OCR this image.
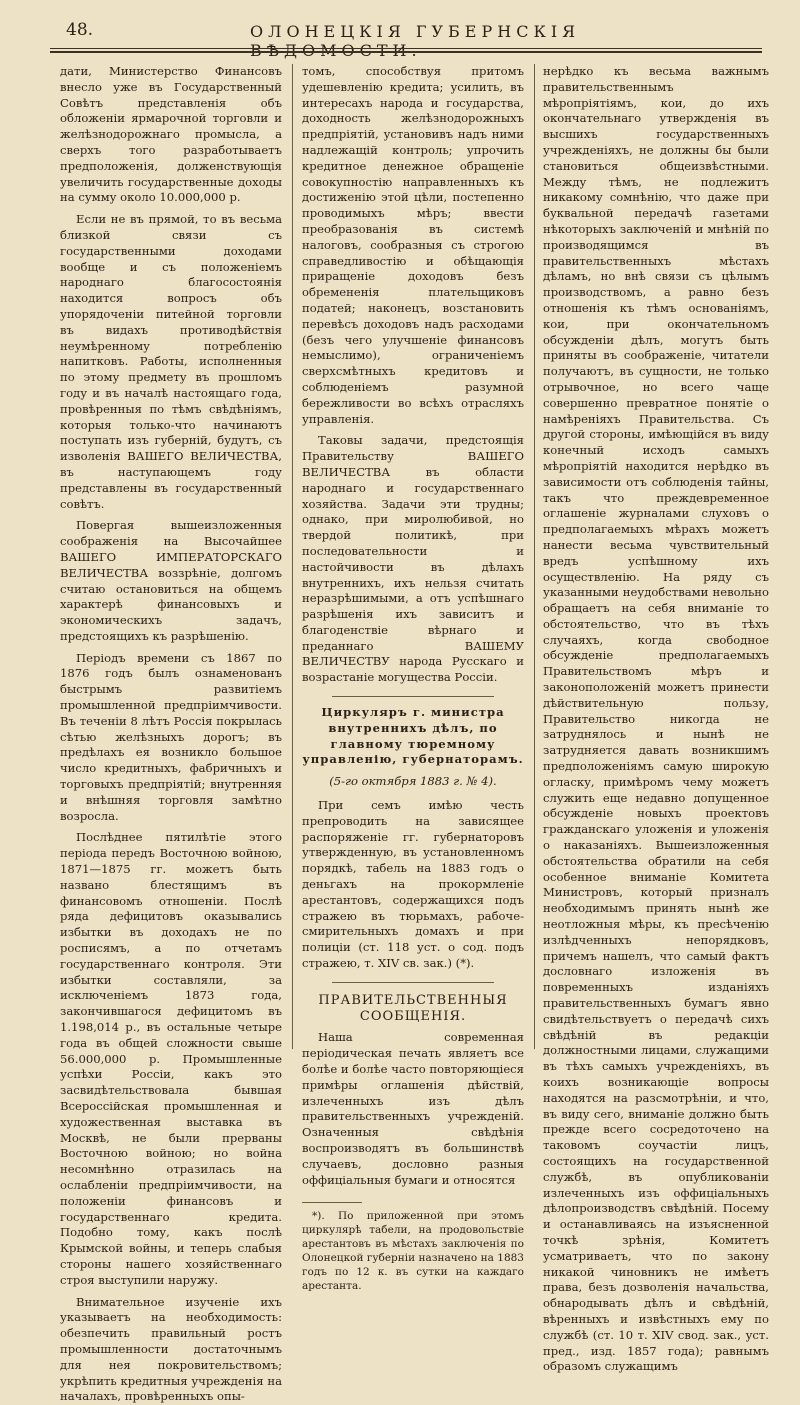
48.	ОЛОНЕЦКІЯ ГУБЕРНСКІЯ ВѢДОМОСТИ.

дати, Министерство Финансовъ внесло уже въ Государственный Совѣтъ представленія объ обложеніи ярмарочной торговли и желѣзнодорожнаго промысла, а сверхъ того разработываетъ предположенія, долженствующія увеличить государственные доходы на сумму около 10.000,000 р.

Если не въ прямой, то въ весьма близкой связи съ государственными доходами вообще и съ положеніемъ народнаго благосостоянія находится вопросъ объ упорядоченіи питейной торговли въ видахъ противодѣйствія неумѣренному потребленію напитковъ. Работы, исполненныя по этому предмету въ прошломъ году и въ началѣ настоящаго года, провѣренныя по тѣмъ свѣдѣніямъ, которыя только-что начинаютъ поступать изъ губерній, будутъ, съ изволенія ВАШЕГО ВЕЛИЧЕСТВА, въ наступающемъ году представлены въ государственный совѣтъ.

Повергая вышеизложенныя соображенія на Высочайшее ВАШЕГО ИМПЕРАТОРСКАГО ВЕЛИЧЕСТВА воззрѣніе, долгомъ считаю остановиться на общемъ характерѣ финансовыхъ и экономическихъ задачъ, предстоящихъ къ разрѣшенію.

Періодъ времени съ 1867 по 1876 годъ былъ ознаменованъ быстрымъ развитіемъ промышленной предпріимчивости. Въ теченіи 8 лѣтъ Россія покрылась сѣтью желѣзныхъ дорогъ; въ предѣлахъ ея возникло большое число кредитныхъ, фабричныхъ и торговыхъ предпріятій; внутренняя и внѣшняя торговля замѣтно возросла.

Послѣднее пятилѣтіе этого періода передъ Восточною войною, 1871—1875 гг. можетъ быть названо блестящимъ въ финансовомъ отношеніи. Послѣ ряда дефицитовъ оказывались избытки въ доходахъ не по росписямъ, а по отчетамъ государственнаго контроля. Эти избытки составляли, за исключеніемъ 1873 года, закончившагося дефицитомъ въ 1.198,014 р., въ остальные четыре года въ общей сложности свыше 56.000,000 р. Промышленные успѣхи Россіи, какъ это засвидѣтельствовала бывшая Всероссійская промышленная и художественная выставка въ Москвѣ, не были прерваны Восточною войною; но война несомнѣнно отразилась на ослабленіи предпріимчивости, на положеніи финансовъ и государственнаго кредита. Подобно тому, какъ послѣ Крымской войны, и теперь слабыя стороны нашего хозяйственнаго строя выступили наружу.

Внимательное изученіе ихъ указываетъ на необходимость: обезпечить правильный ростъ промышленности достаточнымъ для нея покровительствомъ; укрѣпить кредитныя учрежденія на началахъ, провѣренныхъ опы-

томъ, способствуя притомъ удешевленію кредита; усилить, въ интересахъ народа и государства, доходность желѣзнодорожныхъ предпріятій, установивъ надъ ними надлежащій контроль; упрочить кредитное денежное обращеніе совокупностію направленныхъ къ достиженію этой цѣли, постепенно проводимыхъ мѣръ; ввести преобразованія въ системѣ налоговъ, сообразныя съ строгою справедливостію и обѣщающія приращеніе доходовъ безъ обремененія плательщиковъ податей; наконецъ, возстановить перевѣсъ доходовъ надъ расходами (безъ чего улучшеніе финансовъ немыслимо), ограниченіемъ сверхсмѣтныхъ кредитовъ и соблюденіемъ разумной бережливости во всѣхъ отрасляхъ управленія.

Таковы задачи, предстоящія Правительству ВАШЕГО ВЕЛИЧЕСТВА въ области народнаго и государственнаго хозяйства. Задачи эти трудны; однако, при миролюбивой, но твердой политикѣ, при последовательности и настойчивости въ дѣлахъ внутреннихъ, ихъ нельзя считать неразрѣшимыми, а отъ успѣшнаго разрѣшенія ихъ зависитъ и благоденствіе вѣрнаго и преданнаго ВАШЕМУ ВЕЛИЧЕСТВУ народа Русскаго и возрастаніе могущества Россіи.

Циркуляръ г. министра внутреннихъ дѣлъ, по главному тюремному управленію, губернаторамъ.

(5-го октября 1883 г. № 4).

При семъ имѣю честь препроводить на зависящее распоряженіе гг. губернаторовъ утвержденную, въ установленномъ порядкѣ, табель на 1883 годъ о деньгахъ на прокормленіе арестантовъ, содержащихся подъ стражею въ тюрьмахъ, рабоче-смирительныхъ домахъ и при полиціи (ст. 118 уст. о сод. подъ стражею, т. XIV св. зак.) (*).

ПРАВИТЕЛЬСТВЕННЫЯ СООБЩЕНІЯ.

Наша современная періодическая печать являетъ все болѣе и болѣе часто повторяющіеся примѣры оглашенія дѣйствій, излеченныхъ изъ дѣлъ правительственныхъ учрежденій. Означенныя свѣдѣнія воспроизводятъ въ большинствѣ случаевъ, дословно разныя оффиціальныя бумаги и относятся

*). По приложенной при этомъ циркулярѣ табели, на продовольствіе арестантовъ въ мѣстахъ заключенія по Олонецкой губерніи назначено на 1883 годъ по 12 к. въ сутки на каждаго арестанта.

нерѣдко къ весьма важнымъ правительственнымъ мѣропріятіямъ, кои, до ихъ окончательнаго утвержденія въ высшихъ государственныхъ учрежденіяхъ, не должны бы были становиться общеизвѣстными. Между тѣмъ, не подлежитъ никакому сомнѣнію, что даже при буквальной передачѣ газетами нѣкоторыхъ заключеній и мнѣній по производящимся въ правительственныхъ мѣстахъ дѣламъ, но внѣ связи съ цѣлымъ производствомъ, а равно безъ отношенія къ тѣмъ основаніямъ, кои, при окончательномъ обсужденіи дѣлъ, могутъ быть приняты въ соображеніе, читатели получаютъ, въ сущности, не только отрывочное, но всего чаще совершенно превратное понятіе о намѣреніяхъ Правительства. Съ другой стороны, имѣющійся въ виду конечный исходъ самыхъ мѣропріятій находится нерѣдко въ зависимости отъ соблюденія тайны, такъ что преждевременное оглашеніе журналами слуховъ о предполагаемыхъ мѣрахъ можетъ нанести весьма чувствительный вредъ успѣшному ихъ осуществленію. На ряду съ указанными неудобствами невольно обращаетъ на себя вниманіе то обстоятельство, что въ тѣхъ случаяхъ, когда свободное обсужденіе предполагаемыхъ Правительствомъ мѣръ и законоположеній можетъ принести дѣйствительную пользу, Правительство никогда не затруднялось и нынѣ не затрудняется давать возникшимъ предположеніямъ самую широкую огласку, примѣромъ чему можетъ служить еще недавно допущенное обсужденіе новыхъ проектовъ гражданскаго уложенія и уложенія о наказаніяхъ. Вышеизложенныя обстоятельства обратили на себя особенное вниманіе Комитета Министровъ, который призналъ необходимымъ принять нынѣ же неотложныя мѣры, къ пресѣченію излѣдченныхъ непорядковъ, причемъ нашелъ, что самый фактъ дословнаго изложенія въ повременныхъ изданіяхъ правительственныхъ бумагъ явно свидѣтельствуетъ о передачѣ сихъ свѣдѣній въ редакціи должностными лицами, служащими въ тѣхъ самыхъ учрежденіяхъ, въ коихъ возникающіе вопросы находятся на разсмотрѣніи, и что, въ виду сего, вниманіе должно быть прежде всего сосредоточено на таковомъ соучастіи лицъ, состоящихъ на государственной службѣ, въ опубликованіи излеченныхъ изъ оффиціальныхъ дѣлопроизводствъ свѣдѣній. Посему и останавливаясь на изъясненной точкѣ зрѣнія, Комитетъ усматриваетъ, что по закону никакой чиновникъ не имѣетъ права, безъ дозволенія начальства, обнародывать дѣлъ и свѣдѣній, вѣренныхъ и извѣстныхъ ему по службѣ (ст. 10 т. XIV свод. зак., уст. пред., изд. 1857 года); равнымъ образомъ служащимъ
